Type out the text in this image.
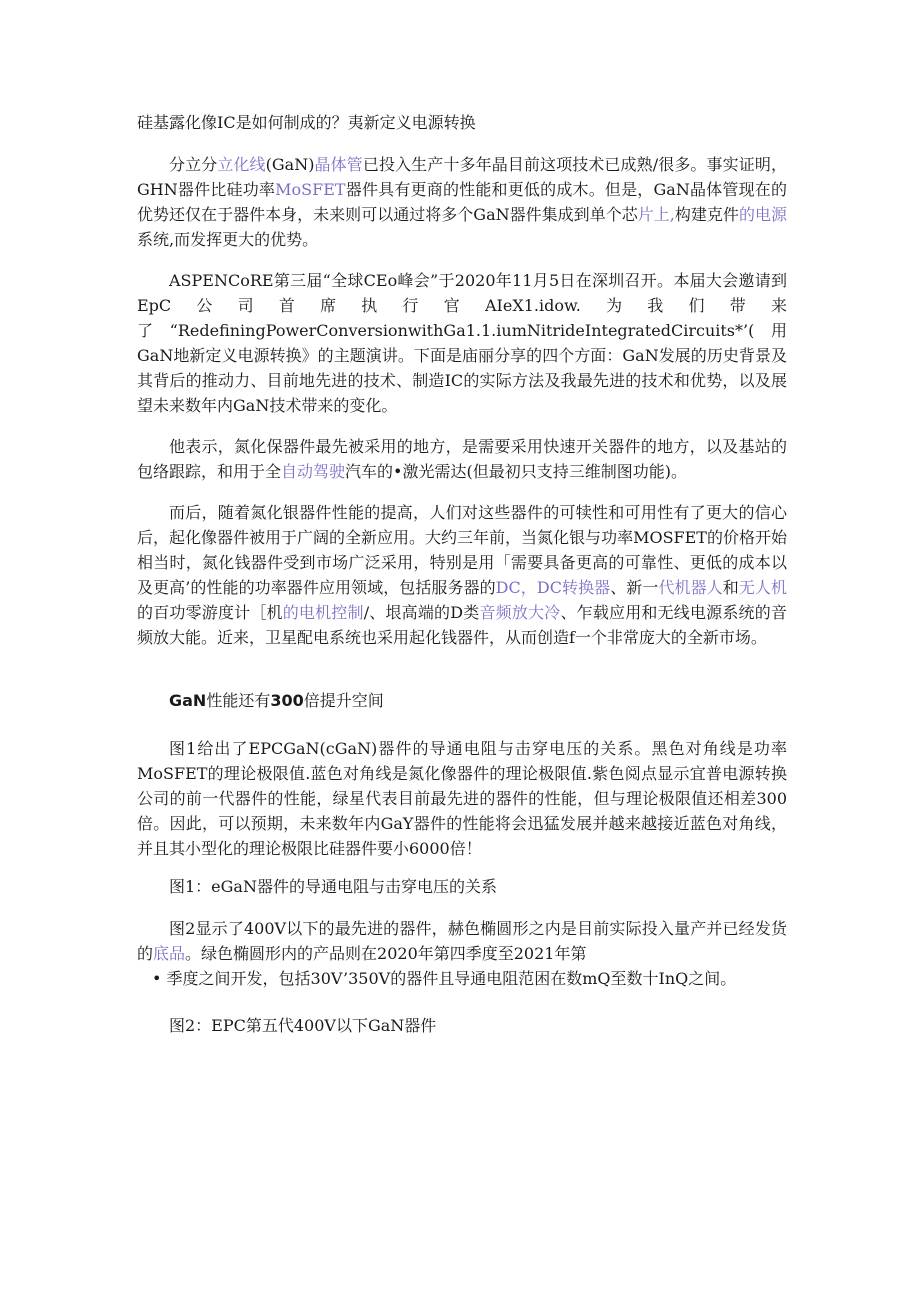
硅基露化像IC是如何制成的？夷新定义电源转换

分立分立化线(GaN)晶体管已投入生产十多年晶目前这项技术已成熟/很多。事实证明，GHN器件比硅功率MoSFET器件具有更商的性能和更低的成木。但是，GaN晶体管现在的优势还仅在于器件本身，未来则可以通过将多个GaN器件集成到单个芯片上,构建克件的电源系统,而发挥更大的优势。

ASPENCoRE第三届“全球CEo峰会”于2020年11月5日在深圳召开。本届大会邀请到EpC公司首席执行官AIeX1.idow.为我们带来了“RedefiningPowerConversionwithGa1.1.iumNitrideIntegratedCircuits*’(用GaN地新定义电源转换》的主题演讲。下面是庙丽分享的四个方面：GaN发展的历史背景及其背后的推动力、目前地先进的技术、制造IC的实际方法及我最先进的技术和优势，以及展望未来数年内GaN技术带来的变化。

他表示，氮化保器件最先被采用的地方，是需要采用快速开关器件的地方，以及基站的包络跟踪，和用于全自动驾驶汽车的•激光需达(但最初只支持三维制图功能)。

而后，随着氮化银器件性能的提高，人们对这些器件的可犊性和可用性有了更大的信心后，起化像器件被用于广阔的全新应用。大约三年前，当氮化银与功率MOSFET的价格开始相当时，氮化钱器件受到市场广泛采用，特别是用「需要具备更高的可靠性、更低的成本以及更高’的性能的功率器件应用领域，包括服务器的DC，DC转换器、新一代机器人和无人机的百功零游度计［机的电机控制/、垠高端的D类音频放大冷、乍载应用和无线电源系统的音频放大能。近来，卫星配电系统也采用起化钱器件，从而创造f一个非常庞大的全新市场。

GaN性能还有300倍提升空间

图1给出了EPCGaN(cGaN)器件的导通电阻与击穿电压的关系。黑色对角线是功率MoSFET的理论极限值.蓝色对角线是氮化像器件的理论极限值.紫色阅点显示宜普电源转换公司的前一代器件的性能，绿星代表目前最先进的器件的性能，但与理论极限值还相差300倍。因此，可以预期，未来数年内GaY器件的性能将会迅猛发展并越来越接近蓝色对角线，并且其小型化的理论极限比硅器件要小6000倍！

图1：eGaN器件的导通电阻与击穿电压的关系

图2显示了400V以下的最先进的器件，赫色椭圆形之内是目前实际投入量产并已经发货的底品。绿色椭圆形内的产品则在2020年第四季度至2021年第

• 季度之间开发，包括30V’350V的器件且导通电阻范困在数mQ至数十InQ之间。
图2：EPC第五代400V以下GaN器件
